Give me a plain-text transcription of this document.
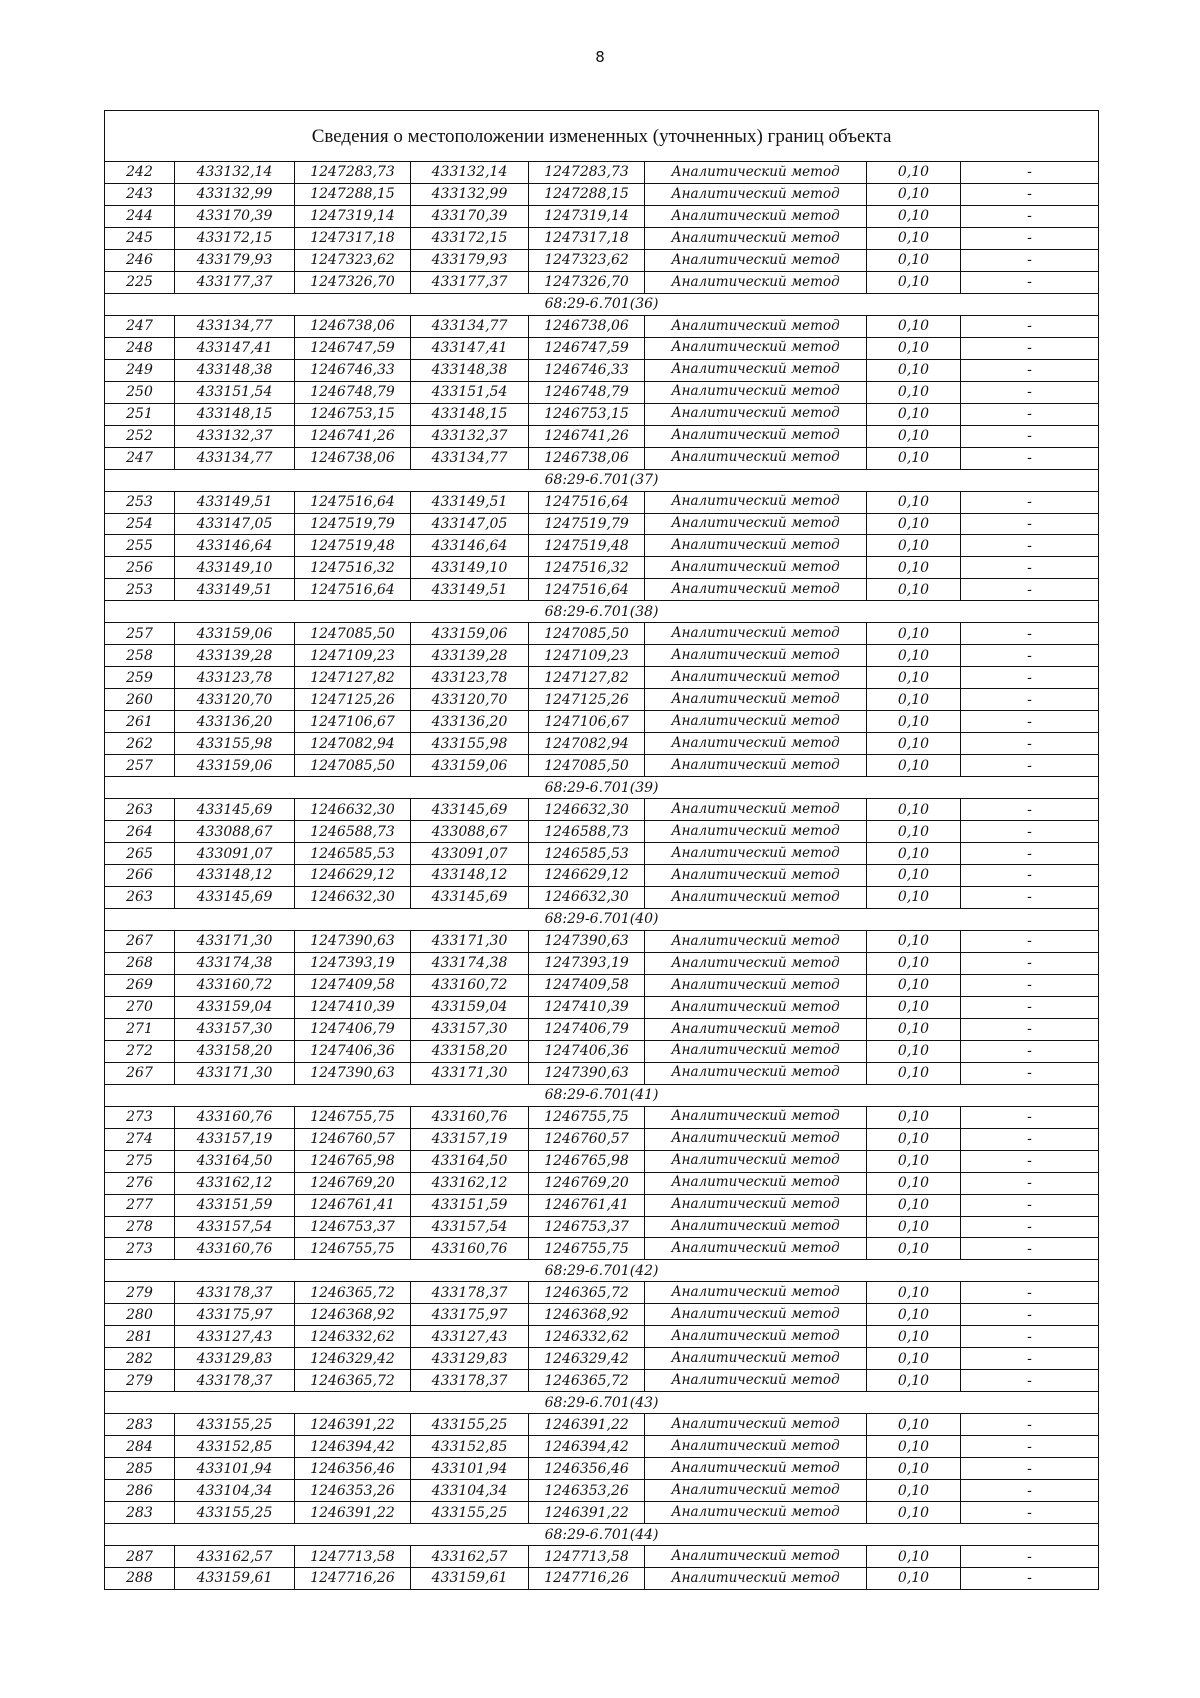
8
Сведения о местоположении измененных (уточненных) границ объекта							
242	433132,14	1247283,73	433132,14	1247283,73	Аналитический метод	0,10	-
243	433132,99	1247288,15	433132,99	1247288,15	Аналитический метод	0,10	-
244	433170,39	1247319,14	433170,39	1247319,14	Аналитический метод	0,10	-
245	433172,15	1247317,18	433172,15	1247317,18	Аналитический метод	0,10	-
246	433179,93	1247323,62	433179,93	1247323,62	Аналитический метод	0,10	-
225	433177,37	1247326,70	433177,37	1247326,70	Аналитический метод	0,10	-
68:29-6.701(36)							
247	433134,77	1246738,06	433134,77	1246738,06	Аналитический метод	0,10	-
248	433147,41	1246747,59	433147,41	1246747,59	Аналитический метод	0,10	-
249	433148,38	1246746,33	433148,38	1246746,33	Аналитический метод	0,10	-
250	433151,54	1246748,79	433151,54	1246748,79	Аналитический метод	0,10	-
251	433148,15	1246753,15	433148,15	1246753,15	Аналитический метод	0,10	-
252	433132,37	1246741,26	433132,37	1246741,26	Аналитический метод	0,10	-
247	433134,77	1246738,06	433134,77	1246738,06	Аналитический метод	0,10	-
68:29-6.701(37)							
253	433149,51	1247516,64	433149,51	1247516,64	Аналитический метод	0,10	-
254	433147,05	1247519,79	433147,05	1247519,79	Аналитический метод	0,10	-
255	433146,64	1247519,48	433146,64	1247519,48	Аналитический метод	0,10	-
256	433149,10	1247516,32	433149,10	1247516,32	Аналитический метод	0,10	-
253	433149,51	1247516,64	433149,51	1247516,64	Аналитический метод	0,10	-
68:29-6.701(38)							
257	433159,06	1247085,50	433159,06	1247085,50	Аналитический метод	0,10	-
258	433139,28	1247109,23	433139,28	1247109,23	Аналитический метод	0,10	-
259	433123,78	1247127,82	433123,78	1247127,82	Аналитический метод	0,10	-
260	433120,70	1247125,26	433120,70	1247125,26	Аналитический метод	0,10	-
261	433136,20	1247106,67	433136,20	1247106,67	Аналитический метод	0,10	-
262	433155,98	1247082,94	433155,98	1247082,94	Аналитический метод	0,10	-
257	433159,06	1247085,50	433159,06	1247085,50	Аналитический метод	0,10	-
68:29-6.701(39)							
263	433145,69	1246632,30	433145,69	1246632,30	Аналитический метод	0,10	-
264	433088,67	1246588,73	433088,67	1246588,73	Аналитический метод	0,10	-
265	433091,07	1246585,53	433091,07	1246585,53	Аналитический метод	0,10	-
266	433148,12	1246629,12	433148,12	1246629,12	Аналитический метод	0,10	-
263	433145,69	1246632,30	433145,69	1246632,30	Аналитический метод	0,10	-
68:29-6.701(40)							
267	433171,30	1247390,63	433171,30	1247390,63	Аналитический метод	0,10	-
268	433174,38	1247393,19	433174,38	1247393,19	Аналитический метод	0,10	-
269	433160,72	1247409,58	433160,72	1247409,58	Аналитический метод	0,10	-
270	433159,04	1247410,39	433159,04	1247410,39	Аналитический метод	0,10	-
271	433157,30	1247406,79	433157,30	1247406,79	Аналитический метод	0,10	-
272	433158,20	1247406,36	433158,20	1247406,36	Аналитический метод	0,10	-
267	433171,30	1247390,63	433171,30	1247390,63	Аналитический метод	0,10	-
68:29-6.701(41)							
273	433160,76	1246755,75	433160,76	1246755,75	Аналитический метод	0,10	-
274	433157,19	1246760,57	433157,19	1246760,57	Аналитический метод	0,10	-
275	433164,50	1246765,98	433164,50	1246765,98	Аналитический метод	0,10	-
276	433162,12	1246769,20	433162,12	1246769,20	Аналитический метод	0,10	-
277	433151,59	1246761,41	433151,59	1246761,41	Аналитический метод	0,10	-
278	433157,54	1246753,37	433157,54	1246753,37	Аналитический метод	0,10	-
273	433160,76	1246755,75	433160,76	1246755,75	Аналитический метод	0,10	-
68:29-6.701(42)							
279	433178,37	1246365,72	433178,37	1246365,72	Аналитический метод	0,10	-
280	433175,97	1246368,92	433175,97	1246368,92	Аналитический метод	0,10	-
281	433127,43	1246332,62	433127,43	1246332,62	Аналитический метод	0,10	-
282	433129,83	1246329,42	433129,83	1246329,42	Аналитический метод	0,10	-
279	433178,37	1246365,72	433178,37	1246365,72	Аналитический метод	0,10	-
68:29-6.701(43)							
283	433155,25	1246391,22	433155,25	1246391,22	Аналитический метод	0,10	-
284	433152,85	1246394,42	433152,85	1246394,42	Аналитический метод	0,10	-
285	433101,94	1246356,46	433101,94	1246356,46	Аналитический метод	0,10	-
286	433104,34	1246353,26	433104,34	1246353,26	Аналитический метод	0,10	-
283	433155,25	1246391,22	433155,25	1246391,22	Аналитический метод	0,10	-
68:29-6.701(44)							
287	433162,57	1247713,58	433162,57	1247713,58	Аналитический метод	0,10	-
288	433159,61	1247716,26	433159,61	1247716,26	Аналитический метод	0,10	-
